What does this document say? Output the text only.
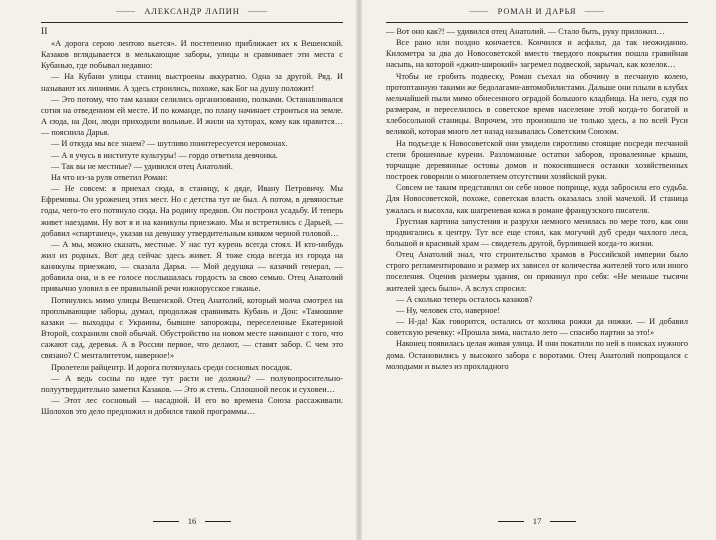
⸻ АЛЕКСАНДР ЛАПИН	⸻
II

«А дорога серою лентою вьется». И постепенно приближает их к Вешенской. Казаков вглядывается в мелькающие заборы, улицы и сравнивает эти места с Кубанью, где побывал недавно:

— На Кубани улицы станиц выстроены аккуратно. Одна за другой. Ряд. И называют их линиями. А здесь строились, похоже, как Бог на душу положит!

— Это потому, что там казаки селились организованно, полками. Останавливался сотня на отведенном ей месте. И по команде, по плану начинает строиться на земле. А сюда, на Дон, люди приходили вольные. И жили на хуторах, кому как нравится… — пояснила Дарья.

— И откуда мы все знаем? — шутливо поинтересуется иеромонах.

— А я учусь в институте культуры! — гордо ответила девчонка.

— Так вы не местные? — удивился отец Анатолий.

На что из-за руля ответил Роман:

— Не совсем: я приехал сюда, в станицу, к дяде, Ивану Петровичу. Мы Ефремовы. Он уроженец этих мест. Но с детства тут не был. А потом, в девяностые годы, чего-то его потянуло сюда. На родину предков. Он построил усадьбу. И теперь живет наездами. Ну вот я и на каникулы приезжаю. Мы и встретились с Дарьей, — добавил «спартанец», указав на девушку утвердительным кивком черной головой…

— А мы, можно сказать, местные. У нас тут курень всегда стоял. И кто-нибудь жил из родных. Вот дед сейчас здесь живет. Я тоже сюда всегда из города на каникулы приезжаю, — сказала Дарья. — Мой дедушка — казачий генерал, — добавила она, и в ее голосе послышалась гордость за свою семью. Отец Анатолий привычно уловил в ее правильной речи южнорусское гэканье.

Потянулись мимо улицы Вешенской. Отец Анатолий, который молча смотрел на проплывающие заборы, думал, продолжая сравнивать Кубань и Дон: «Тамошние казаки — выходцы с Украины, бывшие запорожцы, переселенные Екатериной Второй, сохранили свой обычай. Обустройство на новом месте начинают с того, что сажают сад, деревья. А в России первое, что делают, — ставят забор. С чем это связано? С менталитетом, наверное!»

Пролетели райцентр. И дорога потянулась среди сосновых посадок.

— А ведь сосны по идее тут расти не должны? — полувопросительно-полуутвердительно заметил Казаков. — Это ж степь. Сплошной песок и суховеи…

— Этот лес сосновый — насадной. И его во времена Союза рассаживали. Шолохов это дело предложил и добился такой программы…

16
⸻ РОМАН И ДАРЬЯ	⸻

— Вот оно как?! — удивился отец Анатолий. — Стало быть, руку приложил…

Все рано или поздно кончается. Кончился и асфальт, да так неожиданно. Километра за два до Новосоветской вместо твердого покрытия пошла гравийная насыпь, на которой «джип-шиpокий» загремел подвеской, зарычал, как козелок…

Чтобы не гробить подвеску, Роман съехал на обочину в песчаную колею, протоптанную такими же бедолагами-автомобилистами. Дальше они плыли в клубах мельчайшей пыли мимо обнесенного оградой большого кладбища. На него, судя по размерам, и переселилось в советское время население этой когда-то богатой и хлебосольной станицы. Впрочем, это произошло не только здесь, а по всей Руси великой, которая много лет назад называлась Советским Союзом.

На подъезде к Новосоветской они увидели сиротливо стоящие посреди песчаной степи брошенные курени. Разломанные остатки заборов, проваленные крыши, торчащие деревянные остовы домов и покосившиеся останки хозяйственных построек говорили о многолетнем отсутствии хозяйской руки.

Совсем не таким представлял он себе новое поприще, куда забросила его судьба. Для Новосоветской, похоже, советская власть оказалась злой мачехой. И станица ужалась и высохла, как шагреневая кожа в романе французского писателя.

Грустная картина запустения и разрухи немного менялась по мере того, как они продвигались к центру. Тут все еще стоял, как могучий дуб среди чахлого леса, большой и красивый храм — свидетель другой, бурлившей когда-то жизни.

Отец Анатолий знал, что строительство храмов в Российской империи было строго регламентировано и размер их зависел от количества жителей того или иного поселения. Оценив размеры здания, он прикинул про себя: «Не меньше тысячи жителей здесь было». А вслух спросил:

— А сколько теперь осталось казаков?

— Ну, человек сто, наверное!

— Н-да! Как говорится, остались от козлика рожки да ножки. — И добавил советскую речевку: «Прошла зима, настало лето — спасибо партии за это!»

Наконец появилась целая живая улица. И они покатили по ней в поисках нужного дома. Остановились у высокого забора с воротами. Отец Анатолий попрощался с молодыми и вылез из прохладного

17
